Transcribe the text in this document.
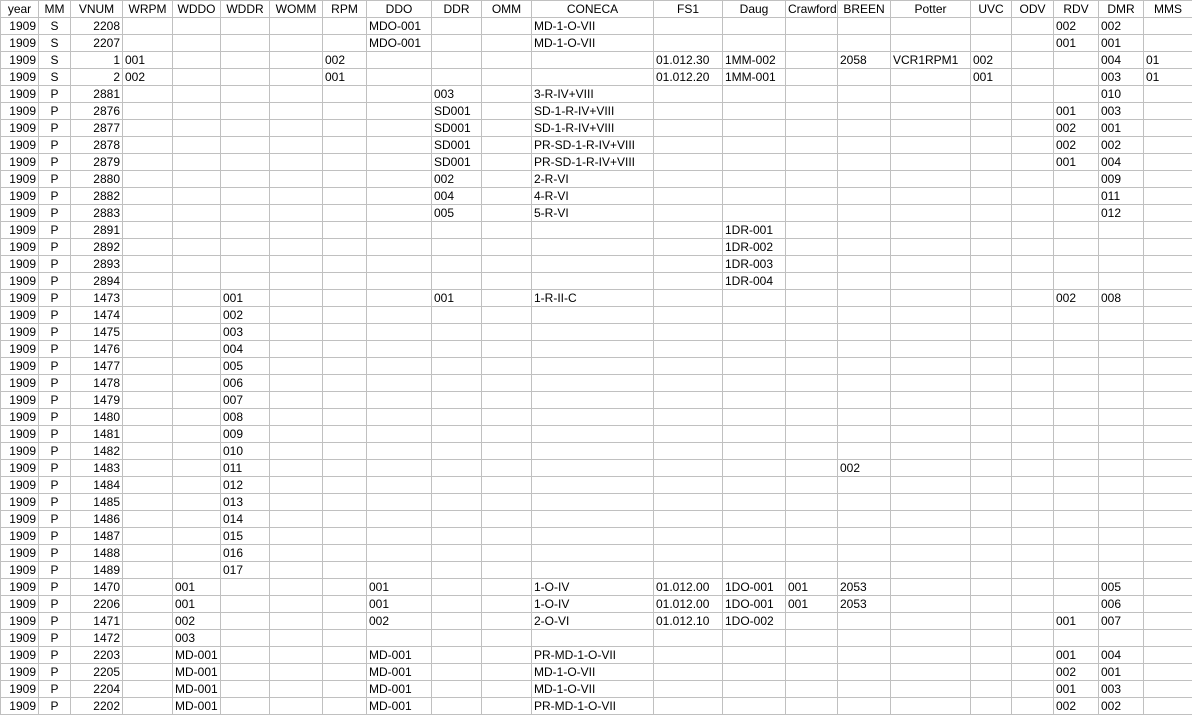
year	MM	VNUM	WRPM	WDDO	WDDR	WOMM	RPM	DDO	DDR	OMM	CONECA	FS1	Daug	Crawford	BREEN	Potter	UVC	ODV	RDV	DMR	MMS
1909	S	2208						MDO-001			MD-1-O-VII								002	002	
1909	S	2207						MDO-001			MD-1-O-VII								001	001	
1909	S	1	001				002					01.012.30	1MM-002		2058	VCR1RPM1	002			004	01
1909	S	2	002				001					01.012.20	1MM-001				001			003	01
1909	P	2881							003		3-R-IV+VIII									010	
1909	P	2876							SD001		SD-1-R-IV+VIII								001	003	
1909	P	2877							SD001		SD-1-R-IV+VIII								002	001	
1909	P	2878							SD001		PR-SD-1-R-IV+VIII								002	002	
1909	P	2879							SD001		PR-SD-1-R-IV+VIII								001	004	
1909	P	2880							002		2-R-VI									009	
1909	P	2882							004		4-R-VI									011	
1909	P	2883							005		5-R-VI									012	
1909	P	2891											1DR-001								
1909	P	2892											1DR-002								
1909	P	2893											1DR-003								
1909	P	2894											1DR-004								
1909	P	1473			001				001		1-R-II-C								002	008	
1909	P	1474			002																
1909	P	1475			003																
1909	P	1476			004																
1909	P	1477			005																
1909	P	1478			006																
1909	P	1479			007																
1909	P	1480			008																
1909	P	1481			009																
1909	P	1482			010																
1909	P	1483			011										002						
1909	P	1484			012																
1909	P	1485			013																
1909	P	1486			014																
1909	P	1487			015																
1909	P	1488			016																
1909	P	1489			017																
1909	P	1470		001				001			1-O-IV	01.012.00	1DO-001	001	2053					005	
1909	P	2206		001				001			1-O-IV	01.012.00	1DO-001	001	2053					006	
1909	P	1471		002				002			2-O-VI	01.012.10	1DO-002						001	007	
1909	P	1472		003																	
1909	P	2203		MD-001				MD-001			PR-MD-1-O-VII								001	004	
1909	P	2205		MD-001				MD-001			MD-1-O-VII								002	001	
1909	P	2204		MD-001				MD-001			MD-1-O-VII								001	003	
1909	P	2202		MD-001				MD-001			PR-MD-1-O-VII								002	002	
